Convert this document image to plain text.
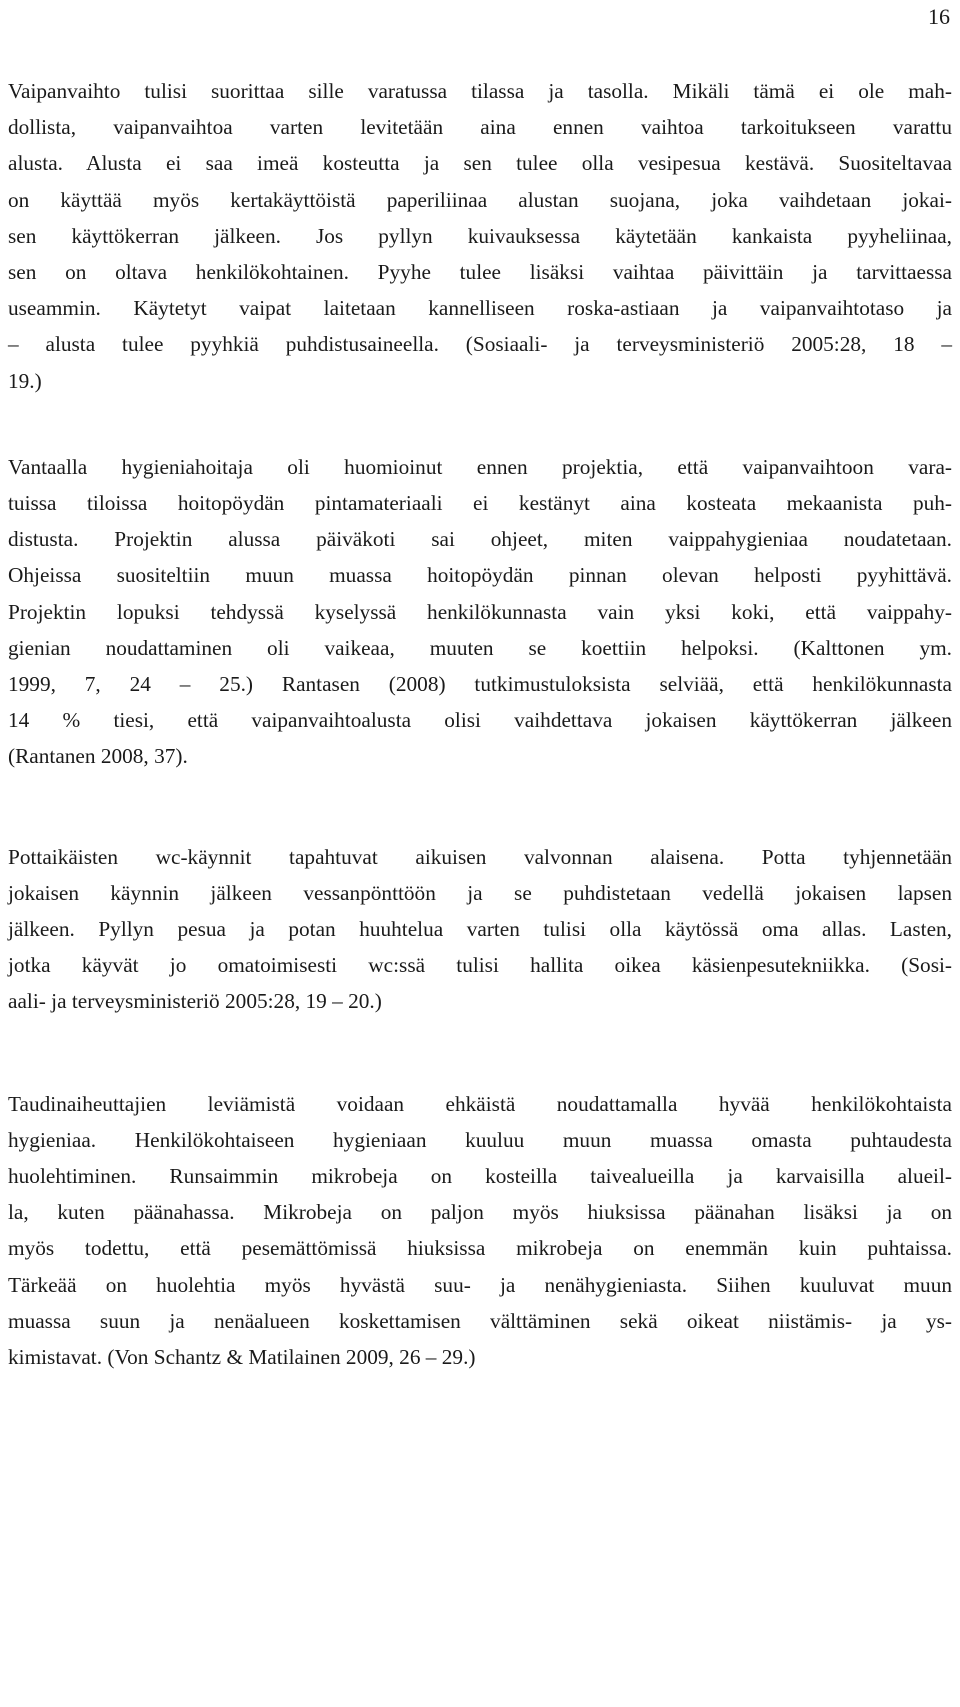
16

Vaipanvaihto tulisi suorittaa sille varatussa tilassa ja tasolla. Mikäli tämä ei ole mah-
dollista, vaipanvaihtoa varten levitetään aina ennen vaihtoa tarkoitukseen varattu
alusta. Alusta ei saa imeä kosteutta ja sen tulee olla vesipesua kestävä. Suositeltavaa
on käyttää myös kertakäyttöistä paperiliinaa alustan suojana, joka vaihdetaan jokai-
sen käyttökerran jälkeen. Jos pyllyn kuivauksessa käytetään kankaista pyyheliinaa,
sen on oltava henkilökohtainen. Pyyhe tulee lisäksi vaihtaa päivittäin ja tarvittaessa
useammin. Käytetyt vaipat laitetaan kannelliseen roska-astiaan ja vaipanvaihtotaso ja
– alusta tulee pyyhkiä puhdistusaineella. (Sosiaali- ja terveysministeriö 2005:28, 18 –
19.)

Vantaalla hygieniahoitaja oli huomioinut ennen projektia, että vaipanvaihtoon vara-
tuissa tiloissa hoitopöydän pintamateriaali ei kestänyt aina kosteata mekaanista puh-
distusta. Projektin alussa päiväkoti sai ohjeet, miten vaippahygieniaa noudatetaan.
Ohjeissa suositeltiin muun muassa hoitopöydän pinnan olevan helposti pyyhittävä.
Projektin lopuksi tehdyssä kyselyssä henkilökunnasta vain yksi koki, että vaippahy-
gienian noudattaminen oli vaikeaa, muuten se koettiin helpoksi. (Kalttonen ym.
1999, 7, 24 – 25.) Rantasen (2008) tutkimustuloksista selviää, että henkilökunnasta
14 % tiesi, että vaipanvaihtoalusta olisi vaihdettava jokaisen käyttökerran jälkeen
(Rantanen 2008, 37).

Pottaikäisten wc-käynnit tapahtuvat aikuisen valvonnan alaisena. Potta tyhjennetään
jokaisen käynnin jälkeen vessanpönttöön ja se puhdistetaan vedellä jokaisen lapsen
jälkeen. Pyllyn pesua ja potan huuhtelua varten tulisi olla käytössä oma allas. Lasten,
jotka käyvät jo omatoimisesti wc:ssä tulisi hallita oikea käsienpesutekniikka. (Sosi-
aali- ja terveysministeriö 2005:28, 19 – 20.)

Taudinaiheuttajien leviämistä voidaan ehkäistä noudattamalla hyvää henkilökohtaista
hygieniaa. Henkilökohtaiseen hygieniaan kuuluu muun muassa omasta puhtaudesta
huolehtiminen. Runsaimmin mikrobeja on kosteilla taivealueilla ja karvaisilla alueil-
la, kuten päänahassa. Mikrobeja on paljon myös hiuksissa päänahan lisäksi ja on
myös todettu, että pesemättömissä hiuksissa mikrobeja on enemmän kuin puhtaissa.
Tärkeää on huolehtia myös hyvästä suu- ja nenähygieniasta. Siihen kuuluvat muun
muassa suun ja nenäalueen koskettamisen välttäminen sekä oikeat niistämis- ja ys-
kimistavat. (Von Schantz & Matilainen 2009, 26 – 29.)
